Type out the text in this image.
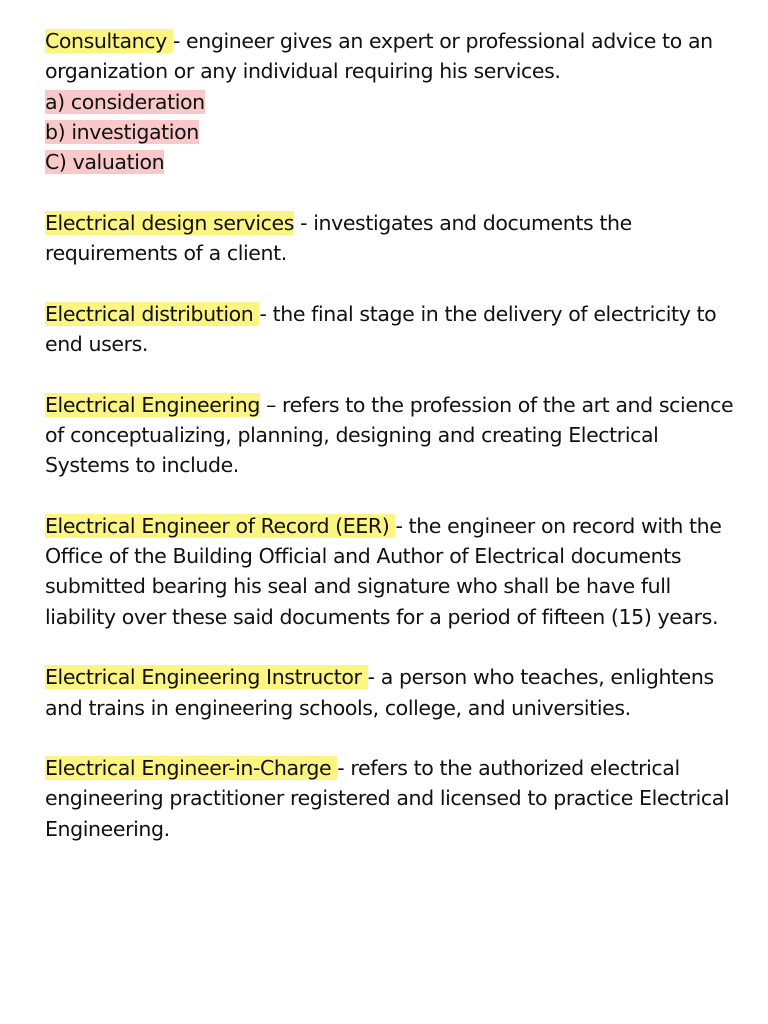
Consultancy - engineer gives an expert or professional advice to an organization or any individual requiring his services.
a) consideration
b) investigation
C) valuation
Electrical design services - investigates and documents the requirements of a client.
Electrical distribution - the final stage in the delivery of electricity to end users.
Electrical Engineering – refers to the profession of the art and science of conceptualizing, planning, designing and creating Electrical Systems to include.
Electrical Engineer of Record (EER) - the engineer on record with the Office of the Building Official and Author of Electrical documents submitted bearing his seal and signature who shall be have full liability over these said documents for a period of fifteen (15) years.
Electrical Engineering Instructor - a person who teaches, enlightens and trains in engineering schools, college, and universities.
Electrical Engineer-in-Charge - refers to the authorized electrical
engineering practitioner registered and licensed to practice Electrical Engineering.
